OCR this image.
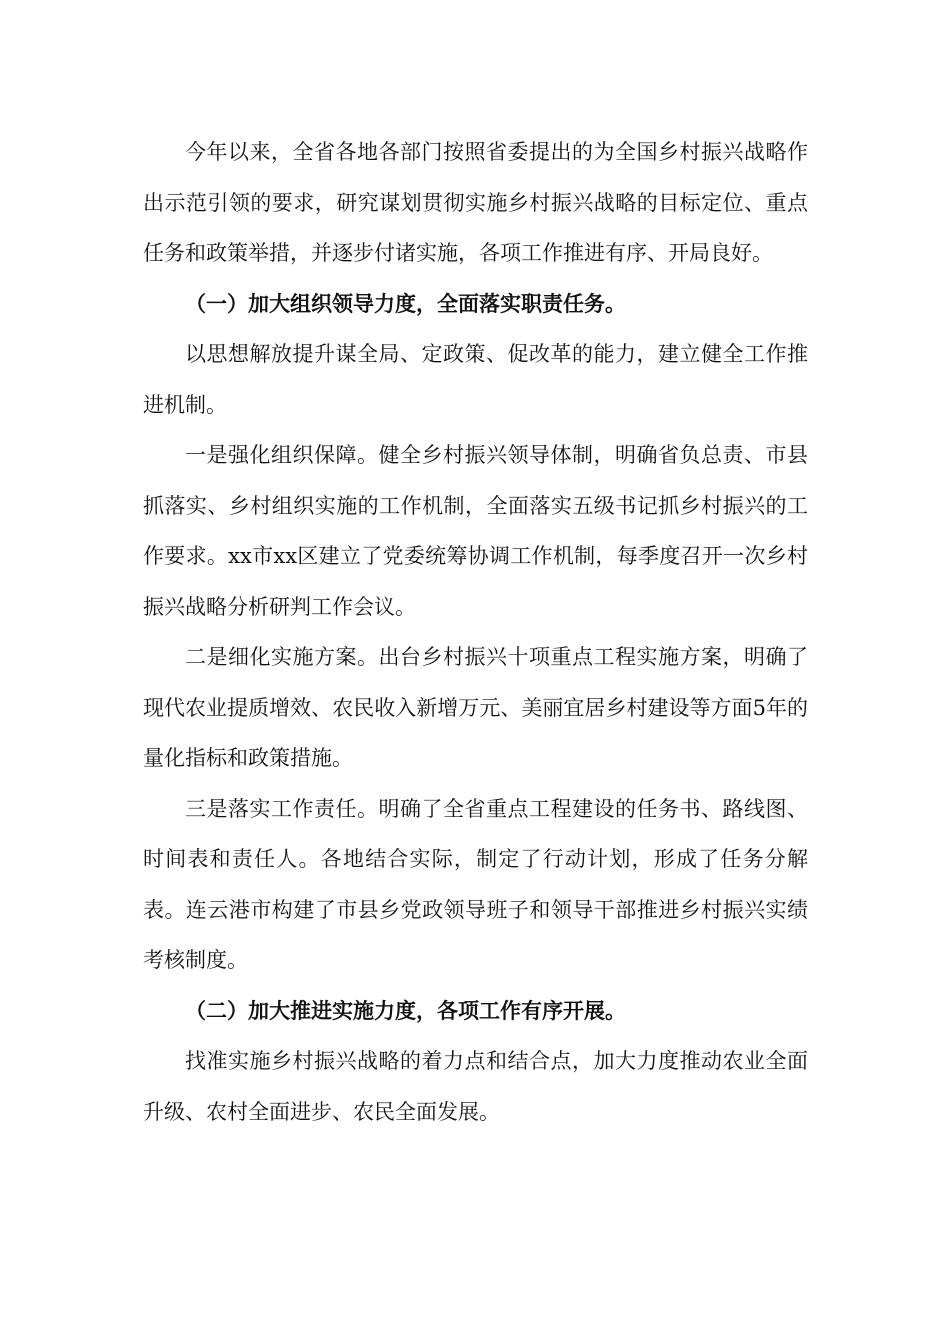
今年以来，全省各地各部门按照省委提出的为全国乡村振兴战略作出示范引领的要求，研究谋划贯彻实施乡村振兴战略的目标定位、重点任务和政策举措，并逐步付诸实施，各项工作推进有序、开局良好。

（一）加大组织领导力度，全面落实职责任务。

以思想解放提升谋全局、定政策、促改革的能力，建立健全工作推进机制。

一是强化组织保障。健全乡村振兴领导体制，明确省负总责、市县抓落实、乡村组织实施的工作机制，全面落实五级书记抓乡村振兴的工作要求。xx市xx区建立了党委统筹协调工作机制，每季度召开一次乡村振兴战略分析研判工作会议。

二是细化实施方案。出台乡村振兴十项重点工程实施方案，明确了现代农业提质增效、农民收入新增万元、美丽宜居乡村建设等方面5年的量化指标和政策措施。

三是落实工作责任。明确了全省重点工程建设的任务书、路线图、时间表和责任人。各地结合实际，制定了行动计划，形成了任务分解表。连云港市构建了市县乡党政领导班子和领导干部推进乡村振兴实绩考核制度。

（二）加大推进实施力度，各项工作有序开展。

找准实施乡村振兴战略的着力点和结合点，加大力度推动农业全面升级、农村全面进步、农民全面发展。
